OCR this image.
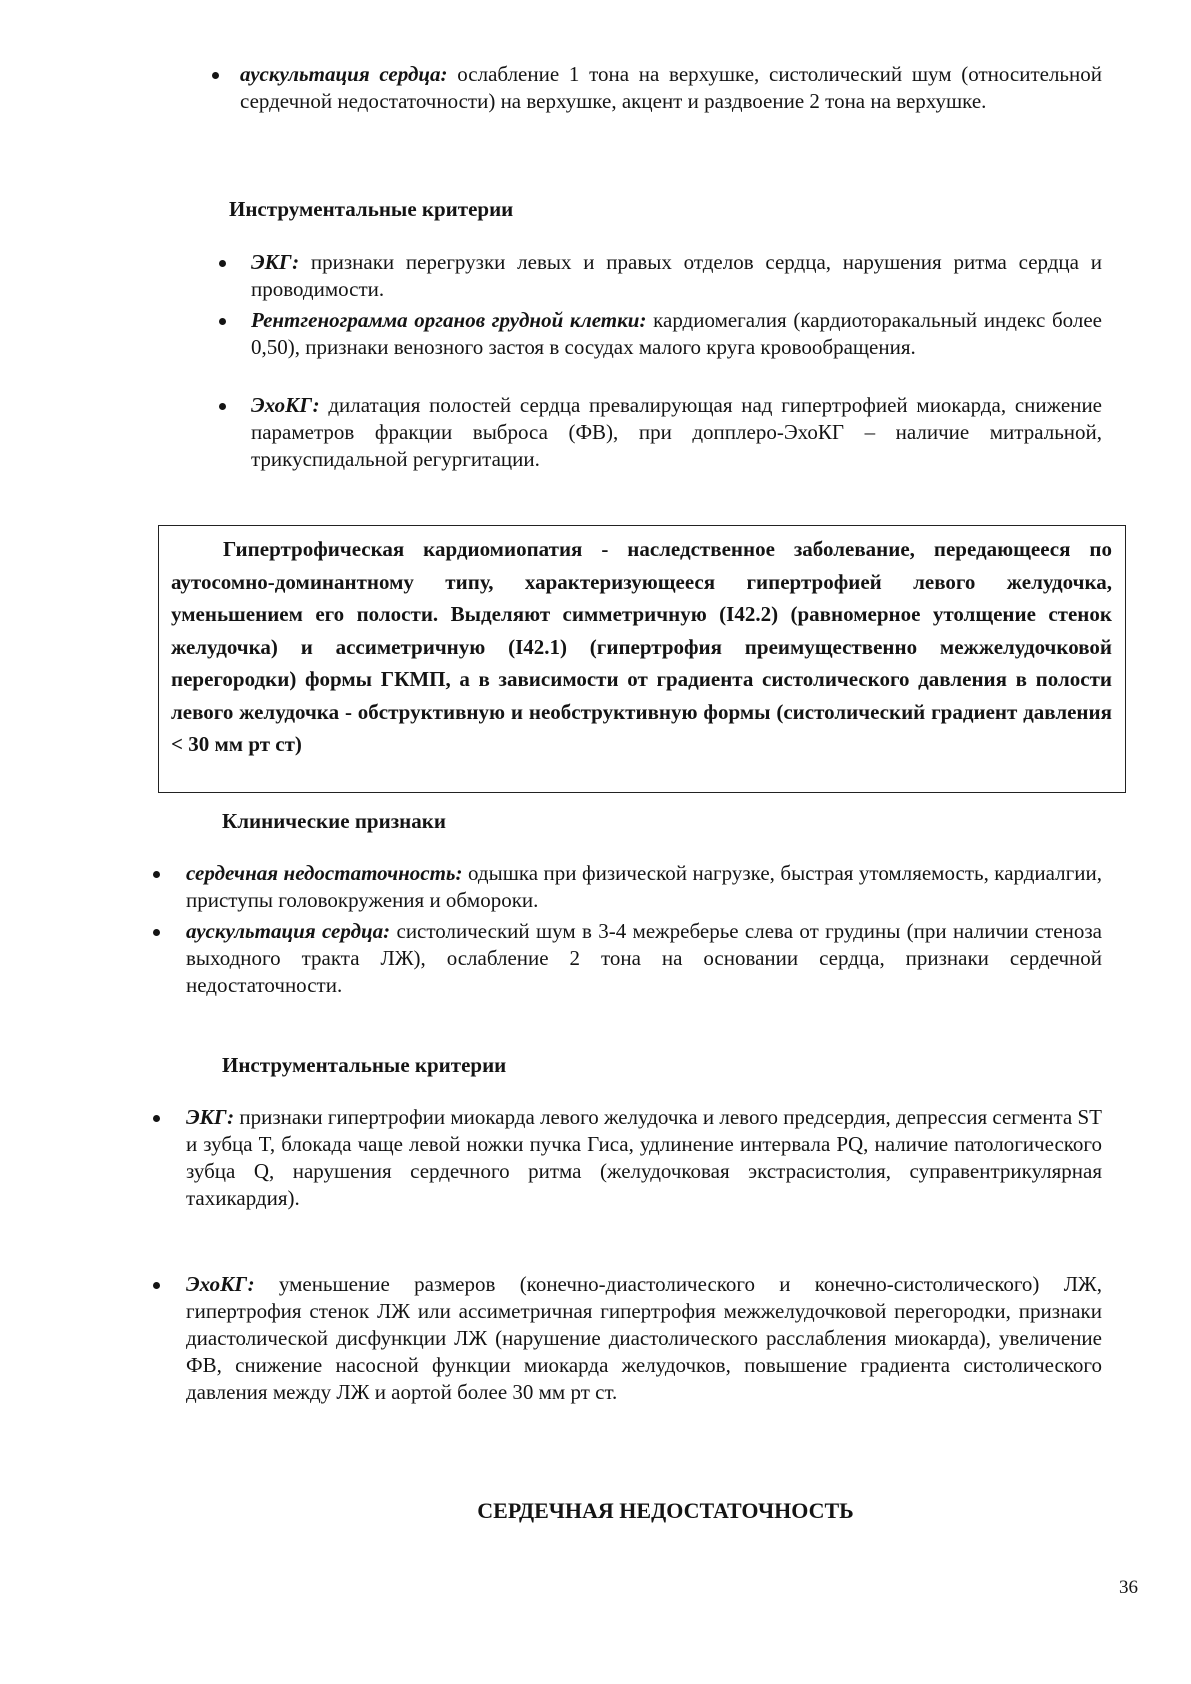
аускультация сердца: ослабление 1 тона на верхушке, систолический шум (относительной сердечной недостаточности) на верхушке, акцент и раздвоение 2 тона на верхушке.
Инструментальные критерии
ЭКГ: признаки перегрузки левых и правых отделов сердца, нарушения ритма сердца и проводимости.
Рентгенограмма органов грудной клетки: кардиомегалия (кардиоторакальный индекс более 0,50), признаки венозного застоя в сосудах малого круга кровообращения.
ЭхоКГ: дилатация полостей сердца превалирующая над гипертрофией миокарда, снижение параметров фракции выброса (ФВ), при допплеро-ЭхоКГ – наличие митральной, трикуспидальной регургитации.
Гипертрофическая кардиомиопатия - наследственное заболевание, передающееся по аутосомно-доминантному типу, характеризующееся гипертрофией левого желудочка, уменьшением его полости. Выделяют симметричную (I42.2) (равномерное утолщение стенок желудочка) и ассиметричную (I42.1) (гипертрофия преимущественно межжелудочковой перегородки) формы ГКМП, а в зависимости от градиента систолического давления в полости левого желудочка - обструктивную и необструктивную формы (систолический градиент давления < 30 мм рт ст)
Клинические признаки
сердечная недостаточность: одышка при физической нагрузке, быстрая утомляемость, кардиалгии, приступы головокружения и обмороки.
аускультация сердца: систолический шум в 3-4 межреберье слева от грудины (при наличии стеноза выходного тракта ЛЖ), ослабление 2 тона на основании сердца, признаки сердечной недостаточности.
Инструментальные критерии
ЭКГ: признаки гипертрофии миокарда левого желудочка и левого предсердия, депрессия сегмента ST и зубца T, блокада чаще левой ножки пучка Гиса, удлинение интервала PQ, наличие патологического зубца Q, нарушения сердечного ритма (желудочковая экстрасистолия, суправентрикулярная тахикардия).
ЭхоКГ: уменьшение размеров (конечно-диастолического и конечно-систолического) ЛЖ, гипертрофия стенок ЛЖ или ассиметричная гипертрофия межжелудочковой перегородки, признаки диастолической дисфункции ЛЖ (нарушение диастолического расслабления миокарда), увеличение ФВ, снижение насосной функции миокарда желудочков, повышение градиента систолического давления между ЛЖ и аортой более 30 мм рт ст.
СЕРДЕЧНАЯ НЕДОСТАТОЧНОСТЬ
36
